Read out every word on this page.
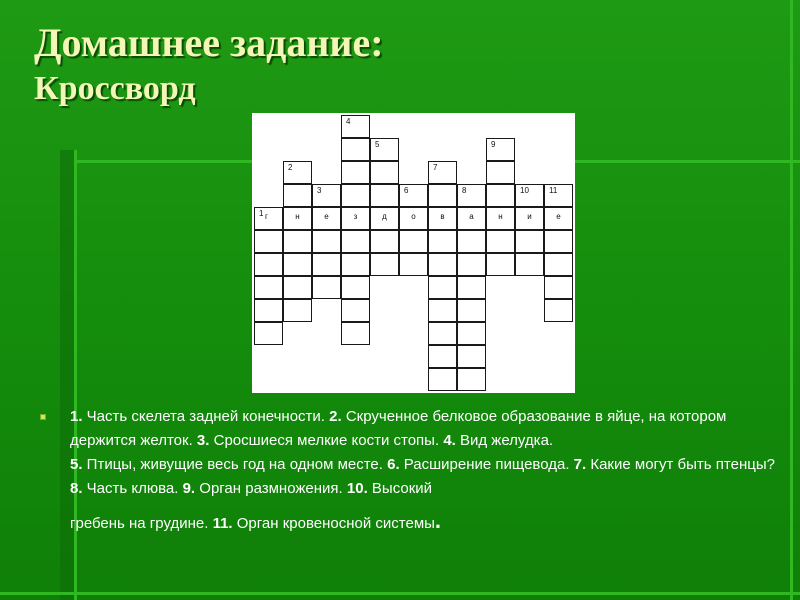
Домашнее задание:
Кроссворд
4
5	9
2	7
3	6	8	10	11
1 г	н	е	з	д	о	в	а	н	и	е
1. Часть скелета задней конечности. 2. Скрученное белковое образование в яйце, на котором держится желток. 3. Сросшиеся мелкие кости стопы. 4. Вид желудка.
5. Птицы, живущие весь год на одном месте. 6. Расширение пищевода. 7. Какие могут быть птенцы? 8. Часть клюва. 9. Орган размножения. 10. Высокий
гребень на грудине. 11. Орган кровеносной системы.
